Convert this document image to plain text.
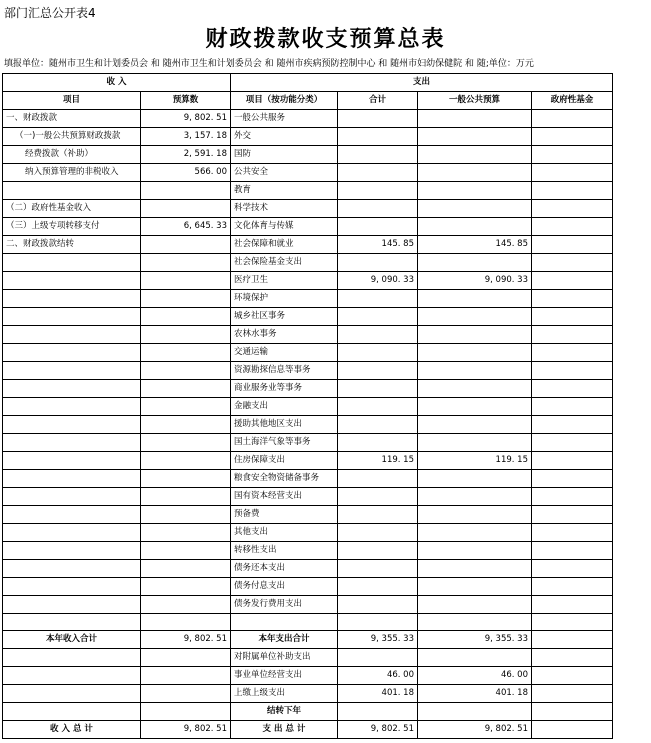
部门汇总公开表4
财政拨款收支预算总表
填报单位：随州市卫生和计划委员会 和 随州市卫生和计划委员会 和 随州市疾病预防控制中心 和 随州市妇幼保健院 和 随;单位：万元
收 入		支出			
项目	预算数	项目（按功能分类）	合计	一般公共预算	政府性基金
一、财政拨款	9, 802. 51	一般公共服务			
（一)一般公共预算财政拨款	3, 157. 18	外交			
经费拨款（补助）	2, 591. 18	国防			
纳入预算管理的非税收入	566. 00	公共安全			
		教育			
（二）政府性基金收入		科学技术			
（三）上级专项转移支付	6, 645. 33	文化体育与传媒			
二、财政拨款结转		社会保障和就业	145. 85	145. 85	
		社会保险基金支出			
		医疗卫生	9, 090. 33	9, 090. 33	
		环境保护			
		城乡社区事务			
		农林水事务			
		交通运输			
		资源勘探信息等事务			
		商业服务业等事务			
		金融支出			
		援助其他地区支出			
		国土海洋气象等事务			
		住房保障支出	119. 15	119. 15	
		粮食安全物资储备事务			
		国有资本经营支出			
		预备费			
		其他支出			
		转移性支出			
		债务还本支出			
		债务付息支出			
		债务发行费用支出			

本年收入合计	9, 802. 51	本年支出合计	9, 355. 33	9, 355. 33	
		对附属单位补助支出			
		事业单位经营支出	46. 00	46. 00	
		上缴上级支出	401. 18	401. 18	
		结转下年			
收 入 总 计	9, 802. 51	支 出 总 计	9, 802. 51	9, 802. 51	
